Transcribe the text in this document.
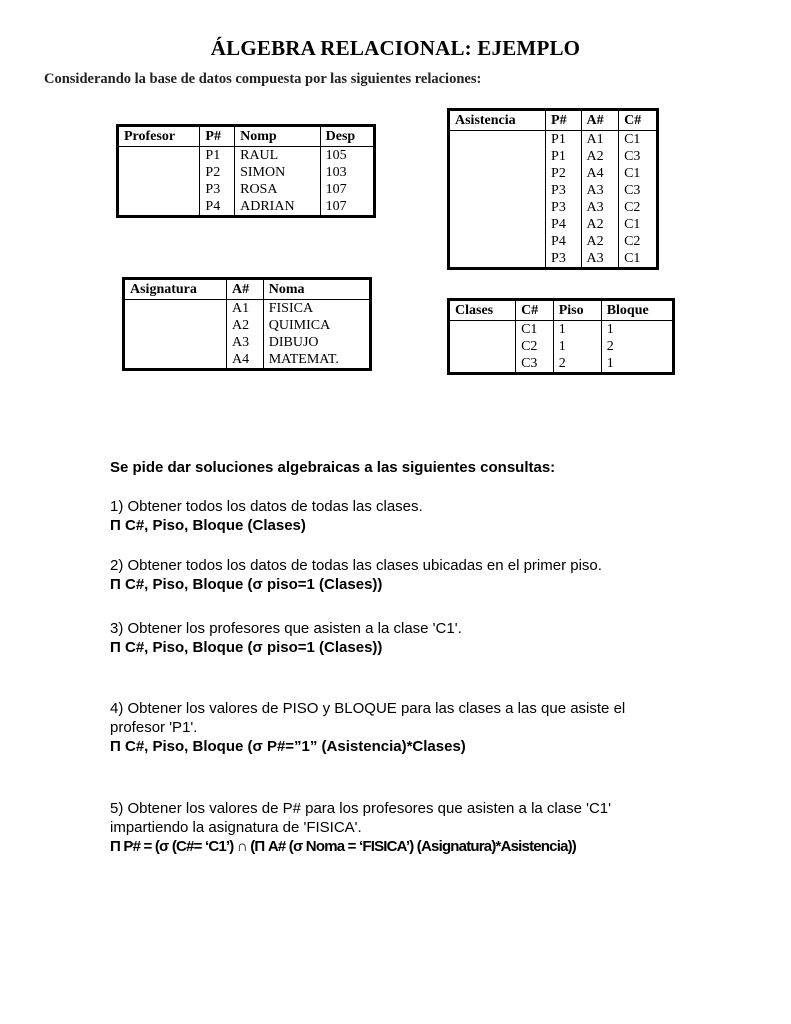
ÁLGEBRA RELACIONAL: EJEMPLO
Considerando la base de datos compuesta por las siguientes relaciones:
Profesor	P#	Nomp	Desp
	P1	RAUL	105
	P2	SIMON	103
	P3	ROSA	107
	P4	ADRIAN	107
Asistencia	P#	A#	C#
	P1	A1	C1
	P1	A2	C3
	P2	A4	C1
	P3	A3	C3
	P3	A3	C2
	P4	A2	C1
	P4	A2	C2
	P3	A3	C1
Asignatura	A#	Noma
	A1	FISICA
	A2	QUIMICA
	A3	DIBUJO
	A4	MATEMAT.
Clases	C#	Piso	Bloque
	C1	1	1
	C2	1	2
	C3	2	1
Se pide dar soluciones algebraicas a las siguientes consultas:
1) Obtener todos los datos de todas las clases.
Π C#, Piso, Bloque (Clases)
2) Obtener todos los datos de todas las clases ubicadas en el primer piso.
Π C#, Piso, Bloque (σ piso=1 (Clases))
3) Obtener los profesores que asisten a la clase 'C1'.
Π C#, Piso, Bloque (σ piso=1 (Clases))
4) Obtener los valores de PISO y BLOQUE para las clases a las que asiste el profesor 'P1'.
Π C#, Piso, Bloque (σ P#=”1” (Asistencia)*Clases)
5) Obtener los valores de P# para los profesores que asisten a la clase 'C1' impartiendo la asignatura de 'FISICA'.
Π P# = (σ (C#= ‘C1’) ∩ (Π A# (σ Noma = ‘FISICA’) (Asignatura)*Asistencia))
